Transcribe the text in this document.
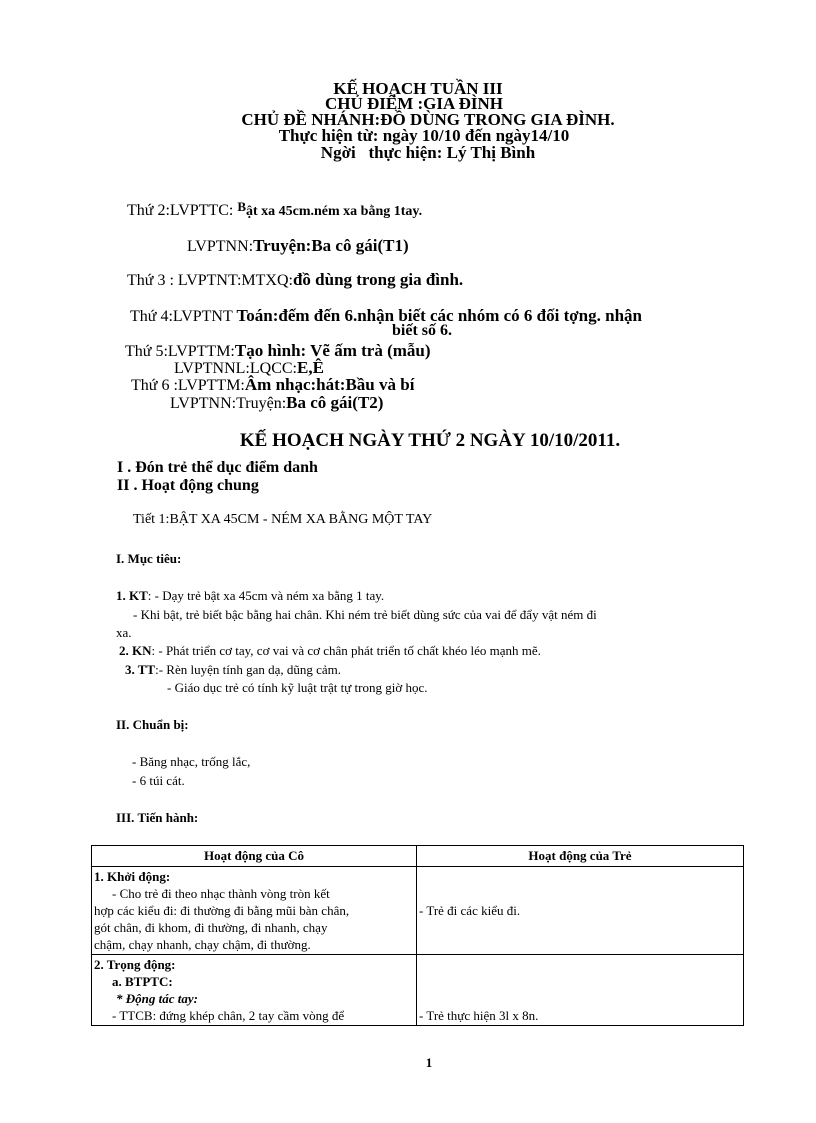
KẾ HOẠCH TUẦN III
CHỦ ĐIỂM :GIA ĐÌNH
CHỦ ĐỀ NHÁNH:ĐỒ DÙNG TRONG GIA ĐÌNH.
Thực hiện từ: ngày 10/10 đến ngày14/10
Ngời thực hiện: Lý Thị Bình
Thứ 2:LVPTTC: $^B$ật xa 45cm.ném xa bằng 1tay.
LVPTNN:Truyện:Ba cô gái(T1)
Thứ 3 : LVPTNT:MTXQ:đồ dùng trong gia đình.
Thứ 4:LVPTNT Toán:đếm đến 6.nhận biết các nhóm có 6 đối tợng. nhận
biết số 6.
Thứ 5:LVPTTM:Tạo hình: Vẽ ấm trà (mẫu)
LVPTNNL:LQCC:E,Ê
Thứ 6 :LVPTTM:Âm nhạc:hát:Bầu và bí
LVPTNN:Truyện:Ba cô gái(T2)
KẾ HOẠCH NGÀY THỨ 2 NGÀY 10/10/2011.
I . Đón trẻ thể dục điểm danh
II . Hoạt động chung
Tiết 1:BẬT XA 45CM - NÉM XA BẰNG MỘT TAY
I. Mục tiêu:
1. KT: - Dạy trẻ bật xa 45cm và ném xa bằng 1 tay.
- Khi bật, trẻ biết bậc bằng hai chân. Khi ném trẻ biết dùng sức của vai để đẩy vật ném đi
xa.
2. KN: - Phát triển cơ tay, cơ vai và cơ chân phát triển tố chất khéo léo mạnh mẽ.
3. TT:- Rèn luyện tính gan dạ, dũng cảm.
- Giáo dục trẻ có tính kỹ luật trật tự trong giờ học.
II. Chuẩn bị:
- Băng nhạc, trống lắc,
- 6 túi cát.
III. Tiến hành:
Hoạt động của Cô	Hoạt động của Trẻ

1. Khởi động:
- Cho trẻ đi theo nhạc thành vòng tròn kết
hợp các kiểu đi: đi thường đi bằng mũi bàn chân,
gót chân, đi khom, đi thường, đi nhanh, chạy
chậm, chạy nhanh, chạy chậm, đi thường.	- Trẻ đi các kiểu đi.

2. Trọng động:
a. BTPTC:
* Động tác tay:
- TTCB: đứng khép chân, 2 tay cầm vòng để	- Trẻ thực hiện 3l x 8n.
1
